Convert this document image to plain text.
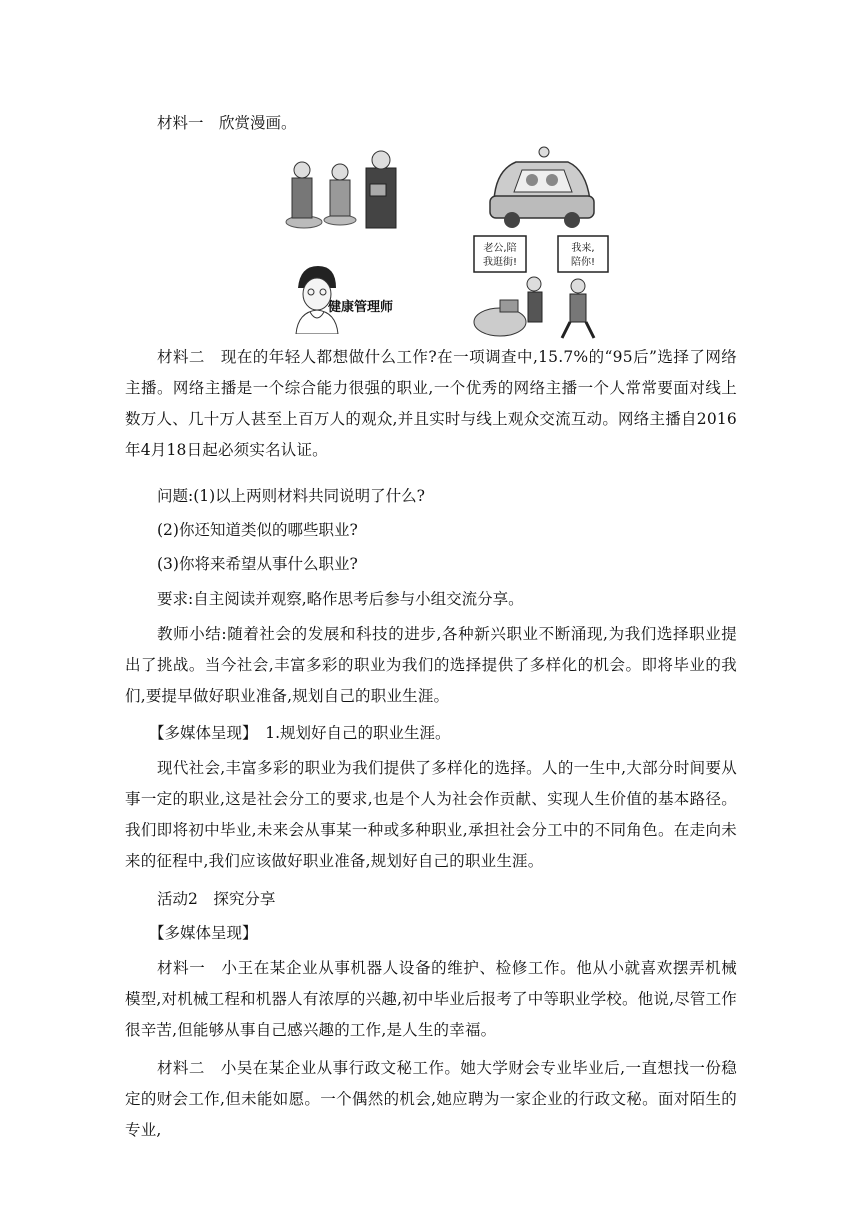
材料一　欣赏漫画。

健康管理师
老公,陪
我逛街!
我来,
陪你!

材料二　现在的年轻人都想做什么工作?在一项调查中,15.7%的“95后”选择了网络主播。网络主播是一个综合能力很强的职业,一个优秀的网络主播一个人常常要面对线上数万人、几十万人甚至上百万人的观众,并且实时与线上观众交流互动。网络主播自2016年4月18日起必须实名认证。

问题:(1)以上两则材料共同说明了什么?

(2)你还知道类似的哪些职业?

(3)你将来希望从事什么职业?

要求:自主阅读并观察,略作思考后参与小组交流分享。

教师小结:随着社会的发展和科技的进步,各种新兴职业不断涌现,为我们选择职业提出了挑战。当今社会,丰富多彩的职业为我们的选择提供了多样化的机会。即将毕业的我们,要提早做好职业准备,规划自己的职业生涯。

【多媒体呈现】　1.规划好自己的职业生涯。

现代社会,丰富多彩的职业为我们提供了多样化的选择。人的一生中,大部分时间要从事一定的职业,这是社会分工的要求,也是个人为社会作贡献、实现人生价值的基本路径。我们即将初中毕业,未来会从事某一种或多种职业,承担社会分工中的不同角色。在走向未来的征程中,我们应该做好职业准备,规划好自己的职业生涯。

活动2　探究分享

【多媒体呈现】

材料一　小王在某企业从事机器人设备的维护、检修工作。他从小就喜欢摆弄机械模型,对机械工程和机器人有浓厚的兴趣,初中毕业后报考了中等职业学校。他说,尽管工作很辛苦,但能够从事自己感兴趣的工作,是人生的幸福。

材料二　小吴在某企业从事行政文秘工作。她大学财会专业毕业后,一直想找一份稳定的财会工作,但未能如愿。一个偶然的机会,她应聘为一家企业的行政文秘。面对陌生的专业,
